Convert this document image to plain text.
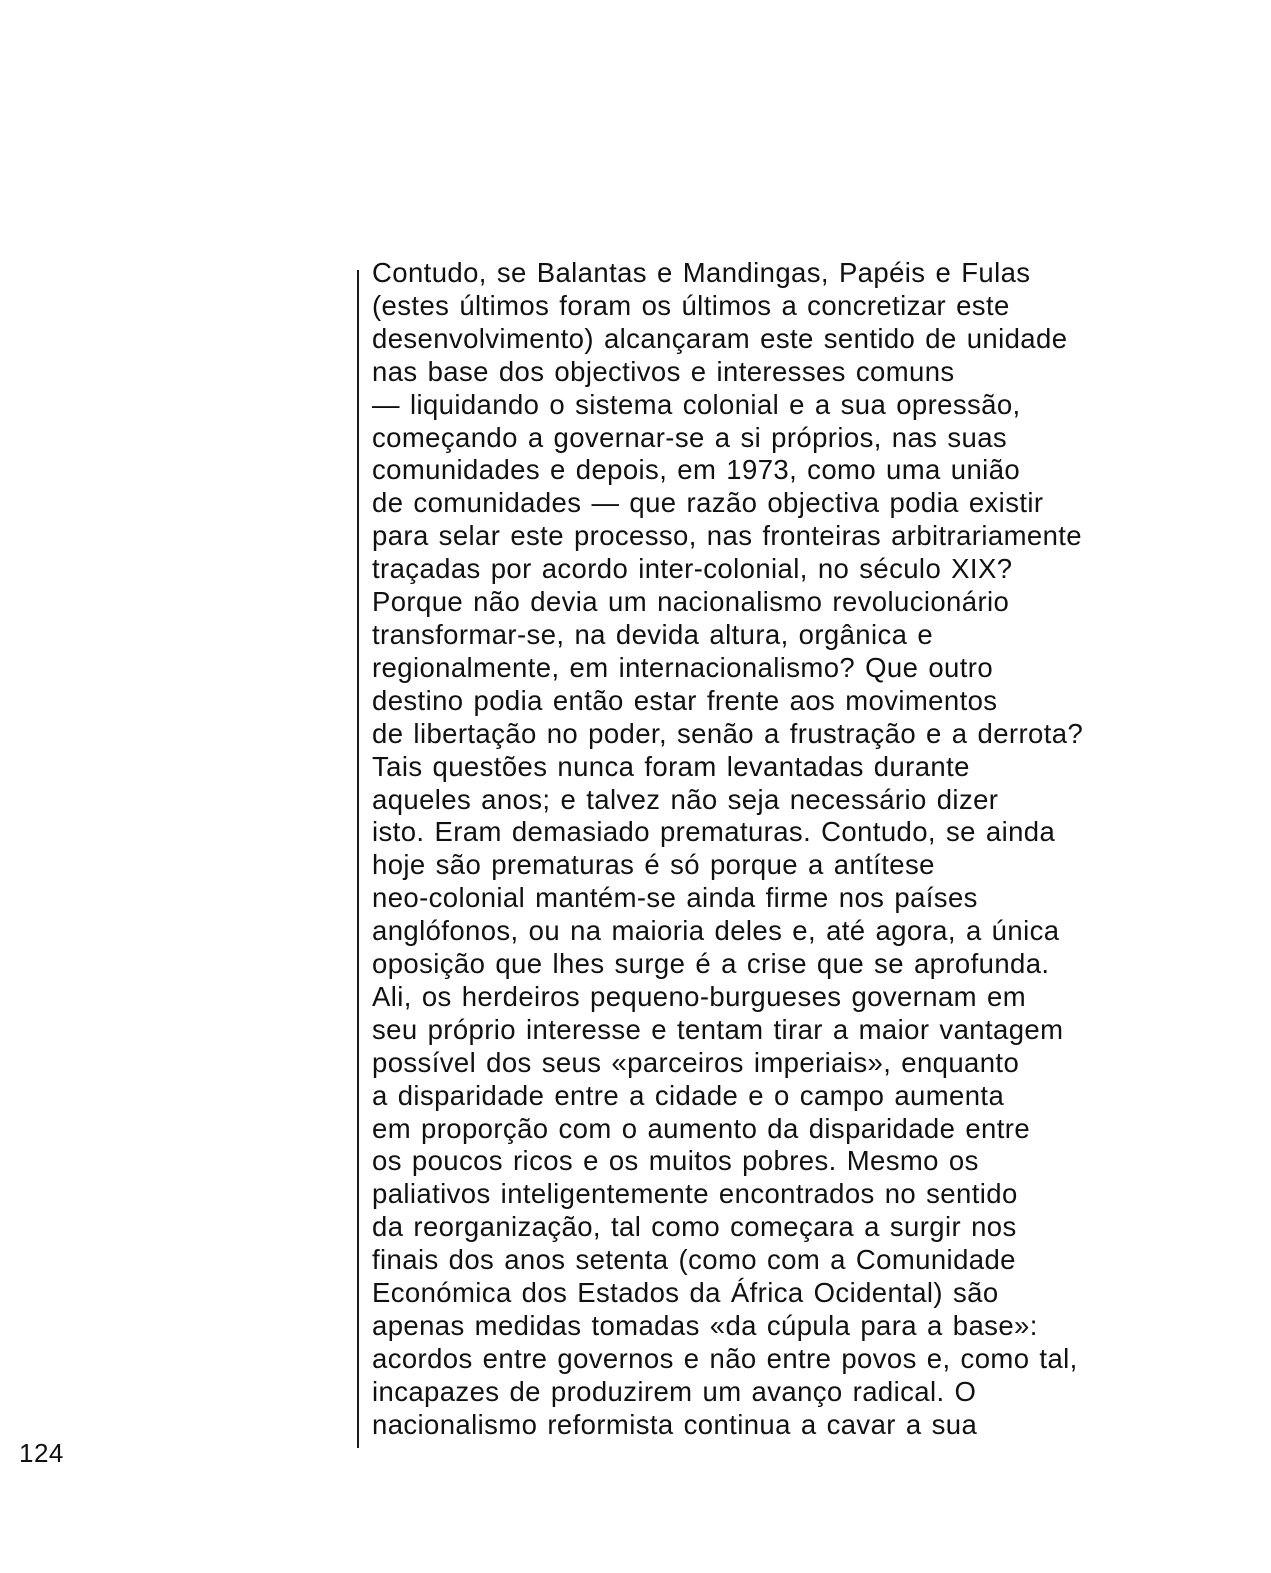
Contudo, se Balantas e Mandingas, Papéis e Fulas
(estes últimos foram os últimos a concretizar este
desenvolvimento) alcançaram este sentido de unidade
nas base dos objectivos e interesses comuns
— liquidando o sistema colonial e a sua opressão,
começando a governar-se a si próprios, nas suas
comunidades e depois, em 1973, como uma união
de comunidades — que razão objectiva podia existir
para selar este processo, nas fronteiras arbitrariamente
traçadas por acordo inter-colonial, no século XIX?
Porque não devia um nacionalismo revolucionário
transformar-se, na devida altura, orgânica e
regionalmente, em internacionalismo? Que outro
destino podia então estar frente aos movimentos
de libertação no poder, senão a frustração e a derrota?
Tais questões nunca foram levantadas durante
aqueles anos; e talvez não seja necessário dizer
isto. Eram demasiado prematuras. Contudo, se ainda
hoje são prematuras é só porque a antítese
neo-colonial mantém-se ainda firme nos países
anglófonos, ou na maioria deles e, até agora, a única
oposição que lhes surge é a crise que se aprofunda.
Ali, os herdeiros pequeno-burgueses governam em
seu próprio interesse e tentam tirar a maior vantagem
possível dos seus «parceiros imperiais», enquanto
a disparidade entre a cidade e o campo aumenta
em proporção com o aumento da disparidade entre
os poucos ricos e os muitos pobres. Mesmo os
paliativos inteligentemente encontrados no sentido
da reorganização, tal como começara a surgir nos
finais dos anos setenta (como com a Comunidade
Económica dos Estados da África Ocidental) são
apenas medidas tomadas «da cúpula para a base»:
acordos entre governos e não entre povos e, como tal,
incapazes de produzirem um avanço radical. O
nacionalismo reformista continua a cavar a sua
124
